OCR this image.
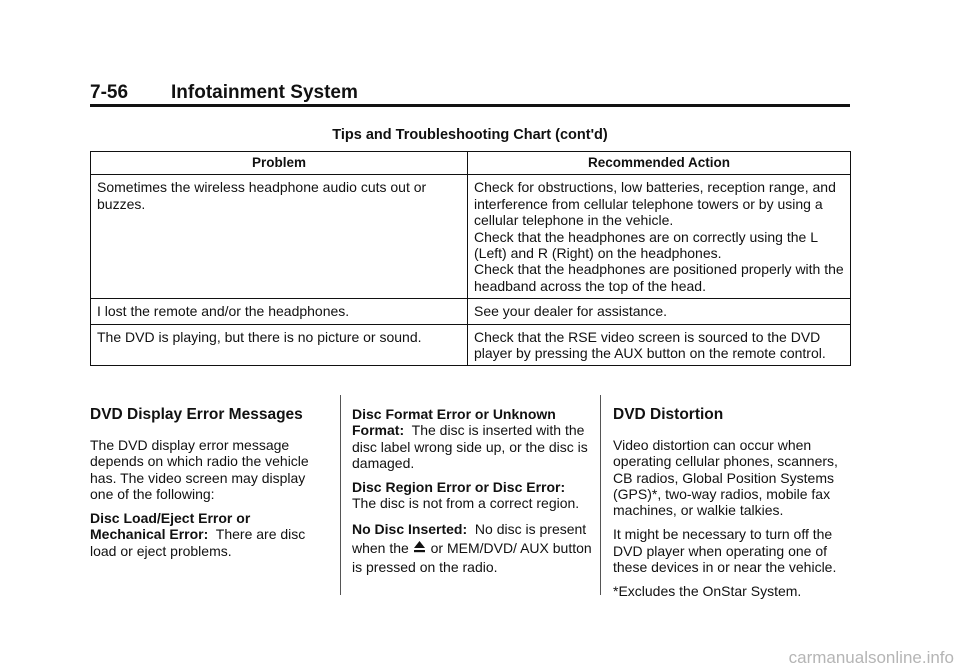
7-56 Infotainment System
Tips and Troubleshooting Chart (cont'd)
Problem	Recommended Action
Sometimes the wireless headphone audio cuts out or buzzes.	Check for obstructions, low batteries, reception range, and interference from cellular telephone towers or by using a cellular telephone in the vehicle.

Check that the headphones are on correctly using the L (Left) and R (Right) on the headphones.

Check that the headphones are positioned properly with the headband across the top of the head.

I lost the remote and/or the headphones.	See your dealer for assistance.

The DVD is playing, but there is no picture or sound.	Check that the RSE video screen is sourced to the DVD player by pressing the AUX button on the remote control.

DVD Display Error Messages

The DVD display error message depends on which radio the vehicle has. The video screen may display one of the following:

Disc Load/Eject Error or Mechanical Error: There are disc load or eject problems.

Disc Format Error or Unknown Format: The disc is inserted with the disc label wrong side up, or the disc is damaged.

Disc Region Error or Disc Error: The disc is not from a correct region.

No Disc Inserted: No disc is present when the or MEM/DVD/ AUX button is pressed on the radio.

DVD Distortion

Video distortion can occur when operating cellular phones, scanners, CB radios, Global Position Systems (GPS)*, two-way radios, mobile fax machines, or walkie talkies.

It might be necessary to turn off the DVD player when operating one of these devices in or near the vehicle.

*Excludes the OnStar System.

carmanualsonline.info
